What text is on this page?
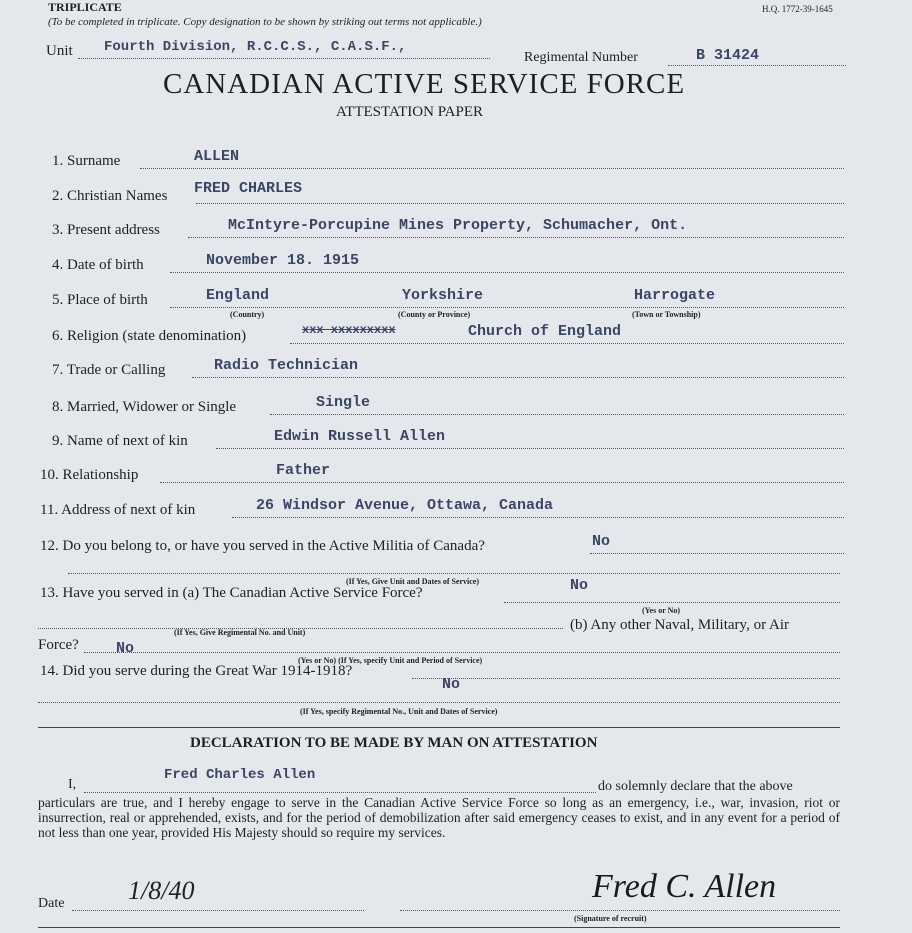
TRIPLICATE
(To be completed in triplicate. Copy designation to be shown by striking out terms not applicable.)
H.Q. 1772-39-1645
Unit Fourth Division, R.C.C.S., C.A.S.F.,
Regimental Number	B 31424
CANADIAN ACTIVE SERVICE FORCE
ATTESTATION PAPER
1. Surname	ALLEN
2. Christian Names FRED CHARLES
3. Present address	McIntyre-Porcupine Mines Property, Schumacher, Ont.
4. Date of birth	November 18. 1915
5. Place of birth	England	Yorkshire	Harrogate
(Country)	(County or Province)	(Town or Township)
6. Religion (state denomination)	xxx xxxxxxxxx	Church of England
7. Trade or Calling	Radio Technician
8. Married, Widower or Single	Single
9. Name of next of kin	Edwin Russell Allen
10. Relationship	Father
11. Address of next of kin	26 Windsor Avenue, Ottawa, Canada
12. Do you belong to, or have you served in the Active Militia of Canada?	No
(If Yes, Give Unit and Dates of Service)
13. Have you served in (a) The Canadian Active Service Force?	No
(Yes or No)
(b) Any other Naval, Military, or Air
(If Yes, Give Regimental No. and Unit)
Force? No
(Yes or No) (If Yes, specify Unit and Period of Service)
14. Did you serve during the Great War 1914-1918?
No
(If Yes, specify Regimental No., Unit and Dates of Service)
DECLARATION TO BE MADE BY MAN ON ATTESTATION
I,
Fred Charles Allen
do solemnly declare that the above
particulars are true, and I hereby engage to serve in the Canadian Active Service Force so long as an emergency, i.e., war, invasion, riot or insurrection, real or apprehended, exists, and for the period of demobilization after said emergency ceases to exist, and in any event for a period of not less than one year, provided His Majesty should so require my services.
Date 1/8/40	Fred C. Allen
(Signature of recruit)
